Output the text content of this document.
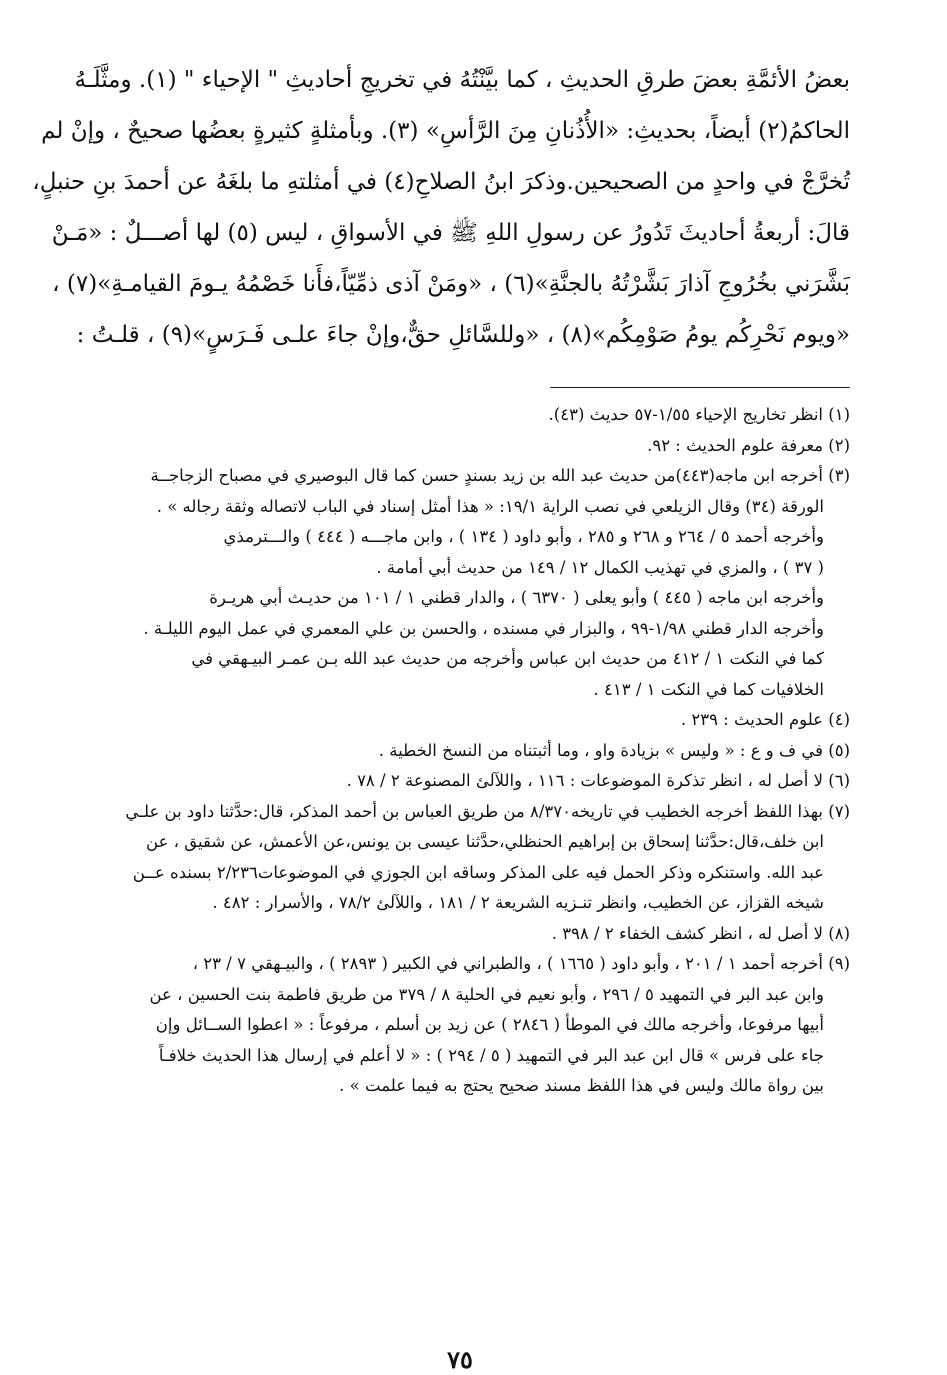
بعضُ الأئمَّةِ بعضَ طرقِ الحديثِ ، كما بيَّنْتُهُ في تخريجِ أحاديثِ " الإحياء " (١). ومثَّلَـهُ
الحاكمُ(٢) أيضاً، بحديثِ: «الأُذُنانِ مِنَ الرَّأسِ» (٣). وبأمثلةٍ كثيرةٍ بعضُها صحيحٌ ، وإنْ لم
تُخرَّجْ في واحدٍ من الصحيحين.وذكرَ ابنُ الصلاحِ(٤) في أمثلتهِ ما بلغَهُ عن أحمدَ بنِ حنبلٍ،
قالَ: أربعةُ أحاديثَ تَدُورُ عن رسولِ اللهِ ﷺ في الأسواقِ ، ليس (٥) لها أصـــلٌ : «مَـنْ
بَشَّرَني بخُرُوجِ آذارَ بَشَّرْتُهُ بالجنَّةِ»(٦) ، «ومَنْ آذى ذمِّيّاً،فأَنا خَصْمُهُ يـومَ القيامـةِ»(٧) ،
«ويوم نَحْرِكُم يومُ صَوْمِكُم»(٨) ، «وللسَّائلِ حقٌّ،وإنْ جاءَ علـى فَـرَسٍ»(٩) ، قلـتُ :
(١) انظر تخاريج الإحياء ١/٥٥-٥٧ حديث (٤٣).
(٢) معرفة علوم الحديث : ٩٢.
(٣) أخرجه ابن ماجه(٤٤٣)من حديث عبد الله بن زيد بسندٍ حسن كما قال البوصيري في مصباح الزجاجــة
الورقة (٣٤) وقال الزيلعي في نصب الراية ١٩/١: « هذا أمثل إسناد في الباب لاتصاله وثقة رجاله » .
وأخرجه أحمد ٥ / ٢٦٤ و ٢٦٨ و ٢٨٥ ، وأبو داود ( ١٣٤ ) ، وابن ماجـــه ( ٤٤٤ ) والـــترمذي
( ٣٧ ) ، والمزي في تهذيب الكمال ١٢ / ١٤٩ من حديث أبي أمامة .
وأخرجه ابن ماجه ( ٤٤٥ ) وأبو يعلى ( ٦٣٧٠ ) ، والدار قطني ١ / ١٠١ من حديـث أبي هريـرة
وأخرجه الدار قطني ١/٩٨-٩٩ ، والبزار في مسنده ، والحسن بن علي المعمري في عمل اليوم الليلـة .
كما في النكت ١ / ٤١٢ من حديث ابن عباس وأخرجه من حديث عبد الله بـن عمـر البيـهقي في
الخلافيات كما في النكت ١ / ٤١٣ .
(٤) علوم الحديث : ٢٣٩ .
(٥) في ف و ع : « وليس » بزيادة واو ، وما أثبتناه من النسخ الخطية .
(٦) لا أصل له ، انظر تذكرة الموضوعات : ١١٦ ، واللآلئ المصنوعة ٢ / ٧٨ .
(٧) بهذا اللفظ أخرجه الخطيب في تاريخه٨/٣٧٠ من طريق العباس بن أحمد المذكر، قال:حدَّثنا داود بن علـي
ابن خلف،قال:حدَّثنا إسحاق بن إبراهيم الحنظلي،حدَّثنا عيسى بن يونس،عن الأعمش، عن شقيق ، عن
عبد الله. واستنكره وذكر الحمل فيه على المذكر وساقه ابن الجوزي في الموضوعات٢/٢٣٦ بسنده عــن
شيخه القزاز، عن الخطيب، وانظر تنـزيه الشريعة ٢ / ١٨١ ، واللآلئ ٧٨/٢ ، والأسرار : ٤٨٢ .
(٨) لا أصل له ، انظر كشف الخفاء ٢ / ٣٩٨ .
(٩) أخرجه أحمد ١ / ٢٠١ ، وأبو داود ( ١٦٦٥ ) ، والطبراني في الكبير ( ٢٨٩٣ ) ، والبيـهقي ٧ / ٢٣ ،
وابن عبد البر في التمهيد ٥ / ٢٩٦ ، وأبو نعيم في الحلية ٨ / ٣٧٩ من طريق فاطمة بنت الحسين ، عن
أبيها مرفوعا، وأخرجه مالك في الموطأ ( ٢٨٤٦ ) عن زيد بن أسلم ، مرفوعاً : « اعطوا الســائل وإن
جاء على فرس » قال ابن عبد البر في التمهيد ( ٥ / ٢٩٤ ) : « لا أعلم في إرسال هذا الحديث خلافـاً
بين رواة مالك وليس في هذا اللفظ مسند صحيح يحتج به فيما علمت » .
٧٥
